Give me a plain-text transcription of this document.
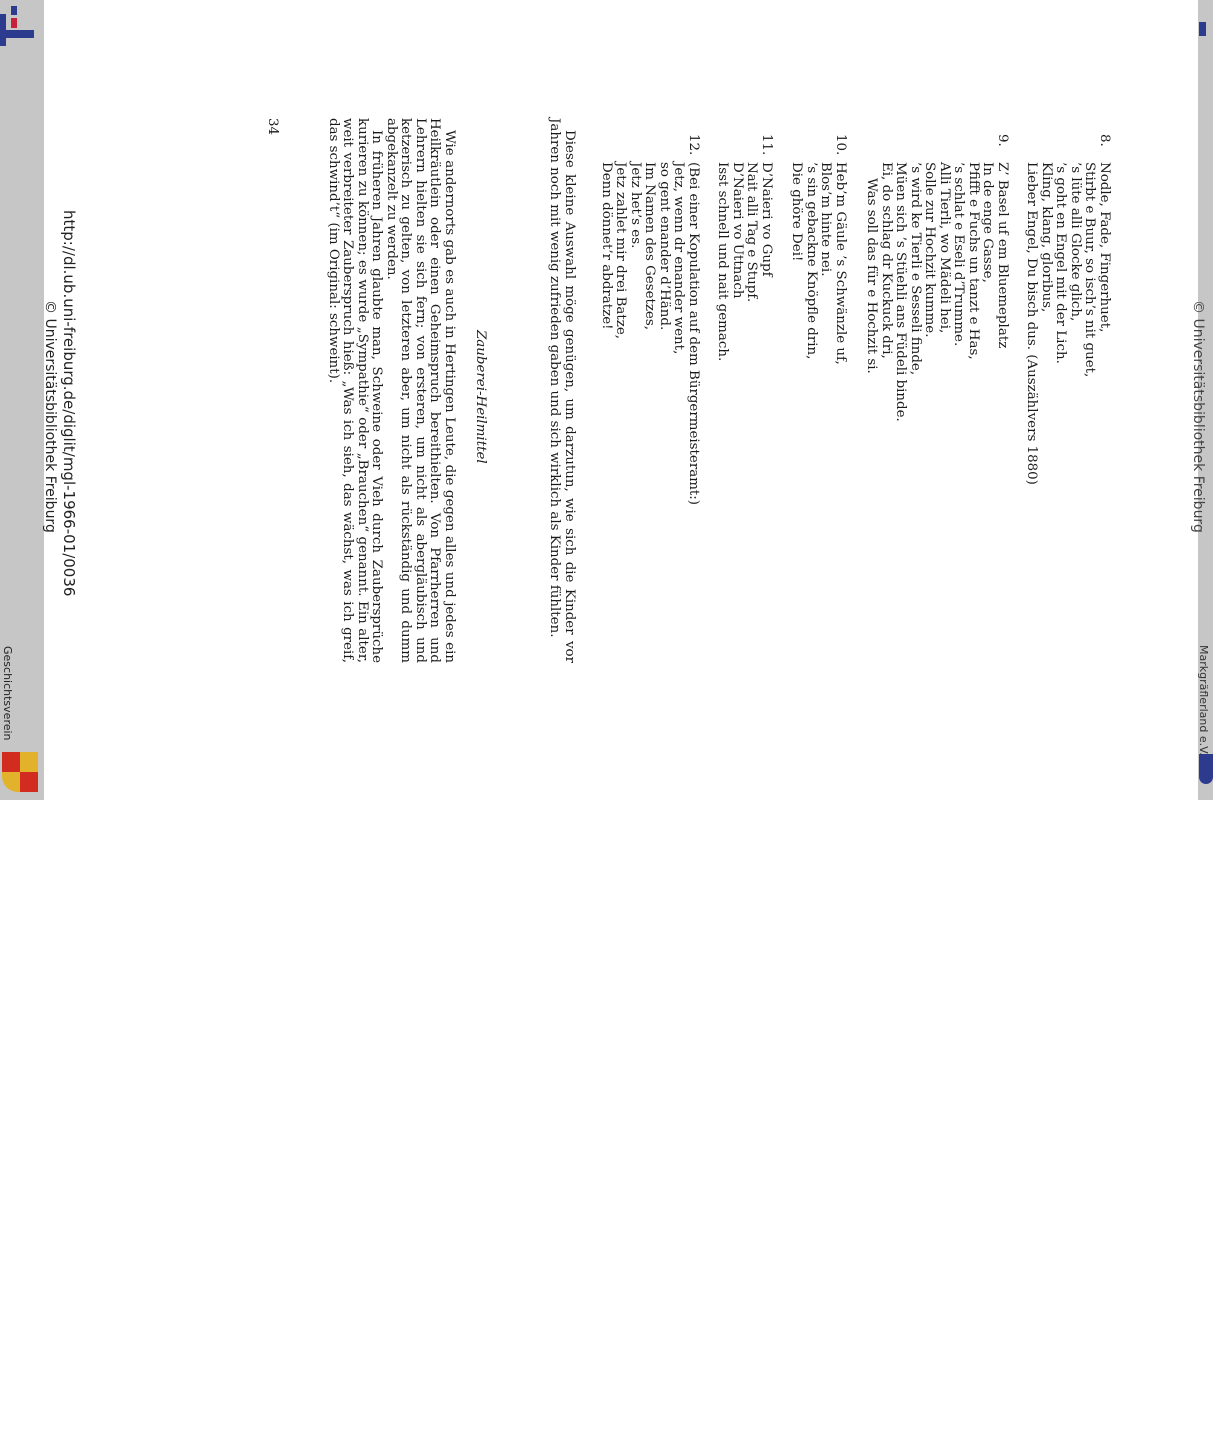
Geschichtsverein
8.
Nodle, Fade, Fingerhuet,
Stirbt e Buur, so isch’s nit guet,
’s lüte alli Glocke glich,
’s goht en Engel mit der Lich.
Kling, klang, gloribus,
Lieber Engel, Du bisch dus. (Auszählvers 1880)
9.
Z’ Basel uf em Bluemeplatz
In de enge Gasse,
Pfifft e Fuchs un tanzt e Has,
’s schlat e Eseli d’Trumme.
Alli Tierli, wo Mädeli hei,
Solle zur Hochzit kumme.
’s wird ke Tierli e Sesseli finde,
Müen sich ’s Stüehli ans Füdeli binde.
Ei, do schlag dr Kuckuck dri,
Was soll das für e Hochzit si.
10.
Heb’m Gäule ’s Schwänzle uf,
Blos’m hinte nei.
’s sin gebackne Knöpfle drin,
Die ghöre Dei!
11.
D’Naieri vo Gupf
Nait alli Tag e Stupf.
D’Naieri vo Uttnach
Isst schnell und nait gemach.
12.
(Bei einer Kopulation auf dem Bürgermeisteramt:)
Jetz, wenn dr enander went,
so gent enander d’Händ.
Im Namen des Gesetzes,
Jetz het’s es.
Jetz zahlet mir drei Batze,
Denn dönnet’r abdratze!

Diese kleine Auswahl möge genügen, um darzutun, wie sich die Kinder vor Jahren noch mit wenig zufrieden gaben und sich wirklich als Kinder fühlten.

Zauberei-Heilmittel

Wie andernorts gab es auch in Hertingen Leute, die gegen alles und jedes ein Heilkräutlein oder einen Geheimspruch bereithielten. Von Pfarrherren und Lehrern hielten sie sich fern; von ersteren, um nicht als abergläubisch und ketzerisch zu gelten, von letzteren aber, um nicht als rückständig und dumm abgekanzelt zu werden.

In früheren Jahren glaubte man, Schweine oder Vieh durch Zaubersprüche kurieren zu können; es wurde „Sympathie“ oder „Brauchen“ genannt. Ein alter, weit verbreiteter Zauberspruch hieß: „Was ich sieh, das wächst, was ich greif, das schwind’t“ (im Original: schweint).

34
© Universitätsbibliothek Freiburg
http://dl.ub.uni-freiburg.de/diglit/mgl-1966-01/0036
© Universitätsbibliothek Freiburg
Markgräflerland e.V.
